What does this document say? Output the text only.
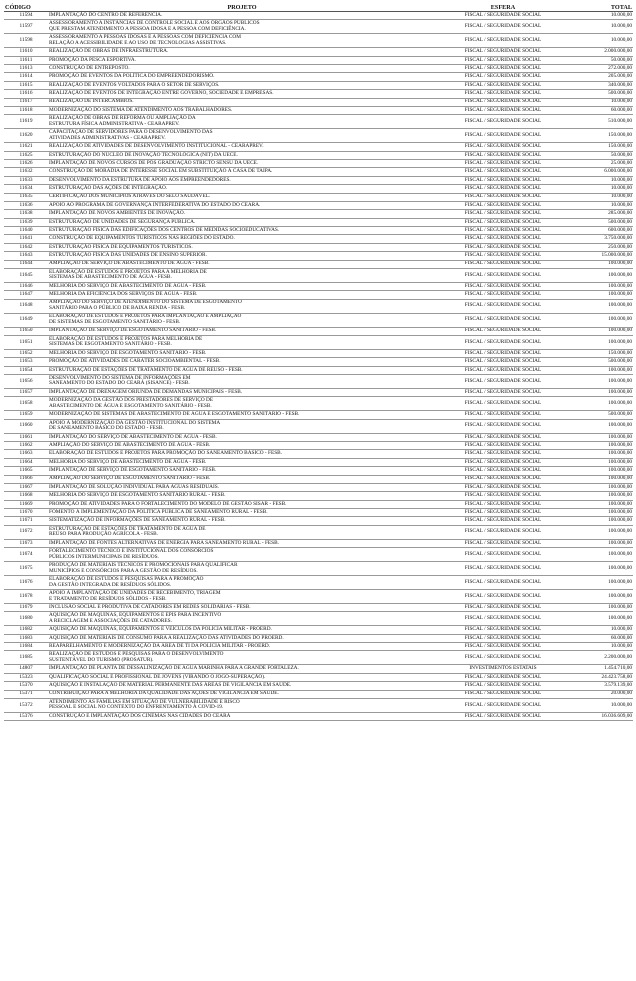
CÓDIGO	PROJETO	ESFERA	TOTAL
11594	IMPLANTAÇÃO DO CENTRO DE REFERÊNCIA.	FISCAL / SEGURIDADE SOCIAL	10.000,00
11597	ASSESSORAMENTO A INSTÂNCIAS DE CONTROLE SOCIAL E AOS ÓRGÃOS PÚBLICOS
QUE PRESTAM ATENDIMENTO A PESSOA IDOSA E A PESSOA COM DEFICIÊNCIA.	FISCAL / SEGURIDADE SOCIAL	10.000,00
11598	ASSESSORAMENTO A PESSOAS IDOSAS E A PESSOAS COM DEFICIÊNCIA COM
RELAÇÃO A ACESSIBILIDADE E AO USO DE TECNOLOGIAS ASSISTIVAS.	FISCAL / SEGURIDADE SOCIAL	10.000,00
11610	REALIZAÇÃO DE OBRAS DE INFRAESTRUTURA.	FISCAL / SEGURIDADE SOCIAL	2.000.000,00
11611	PROMOÇÃO DA PESCA ESPORTIVA.	FISCAL / SEGURIDADE SOCIAL	50.000,00
11613	CONSTRUÇÃO DE ENTREPOSTO.	FISCAL / SEGURIDADE SOCIAL	272.000,00
11614	PROMOÇÃO DE EVENTOS DA POLÍTICA DO EMPREENDEDORISMO.	FISCAL / SEGURIDADE SOCIAL	205.000,00
11615	REALIZAÇÃO DE EVENTOS VOLTADOS PARA O SETOR DE SERVIÇOS.	FISCAL / SEGURIDADE SOCIAL	340.000,00
11616	REALIZAÇÃO DE EVENTOS DE INTEGRAÇÃO ENTRE GOVERNO, SOCIEDADE E EMPRESAS.	FISCAL / SEGURIDADE SOCIAL	500.000,00
11617	REALIZAÇÃO DE INTERCÂMBIOS.	FISCAL / SEGURIDADE SOCIAL	10.000,00
11618	MODERNIZAÇÃO DO SISTEMA DE ATENDIMENTO AOS TRABALHADORES.	FISCAL / SEGURIDADE SOCIAL	60.000,00
11619	REALIZAÇÃO DE OBRAS DE REFORMA OU AMPLIAÇÃO DA
ESTRUTURA FÍSICA ADMINISTRATIVA - CEARAPREV.	FISCAL / SEGURIDADE SOCIAL	510.000,00
11620	CAPACITAÇÃO DE SERVIDORES PARA O DESENVOLVIMENTO DAS
ATIVIDADES ADMINISTRATIVAS - CEARAPREV.	FISCAL / SEGURIDADE SOCIAL	150.000,00
11621	REALIZAÇÃO DE ATIVIDADES DE DESENVOLVIMENTO INSTITUCIONAL - CEARAPREV.	FISCAL / SEGURIDADE SOCIAL	150.000,00
11625	ESTRUTURAÇÃO DO NÚCLEO DE INOVAÇÃO TECNOLÓGICA (NIT) DA UECE.	FISCAL / SEGURIDADE SOCIAL	50.000,00
11626	IMPLANTAÇÃO DE NOVOS CURSOS DE PÓS GRADUAÇÃO STRICTO SENSU DA UECE.	FISCAL / SEGURIDADE SOCIAL	25.000,00
11632	CONSTRUÇÃO DE MORADIA DE INTERESSE SOCIAL EM SUBSTITUIÇÃO À CASA DE TAIPA.	FISCAL / SEGURIDADE SOCIAL	6.000.000,00
11633	DESENVOLVIMENTO DA ESTRUTURA DE APOIO AOS EMPREENDEDORES.	FISCAL / SEGURIDADE SOCIAL	10.000,00
11634	ESTRUTURAÇÃO DAS AÇÕES DE INTEGRAÇÃO.	FISCAL / SEGURIDADE SOCIAL	10.000,00
11635	CERTIFICAÇÃO DOS MUNICÍPIOS ATRAVÉS DO SELO SAUDÁVEL.	FISCAL / SEGURIDADE SOCIAL	10.000,00
11636	APOIO AO PROGRAMA DE GOVERNANÇA INTERFEDERATIVA DO ESTADO DO CEARÁ.	FISCAL / SEGURIDADE SOCIAL	10.000,00
11638	IMPLANTAÇÃO DE NOVOS AMBIENTES DE INOVAÇÃO.	FISCAL / SEGURIDADE SOCIAL	285.000,00
11639	ESTRUTURAÇÃO DE UNIDADES DE SEGURANÇA PÚBLICA.	FISCAL / SEGURIDADE SOCIAL	500.000,00
11640	ESTRUTURAÇÃO FÍSICA DAS EDIFICAÇÕES DOS CENTROS DE MEDIDAS SOCIOEDUCATIVAS.	FISCAL / SEGURIDADE SOCIAL	600.000,00
11641	CONSTRUÇÃO DE EQUIPAMENTOS TURÍSTICOS NAS REGIÕES DO ESTADO.	FISCAL / SEGURIDADE SOCIAL	3.750.000,00
11642	ESTRUTURAÇÃO FÍSICA DE EQUIPAMENTOS TURÍSTICOS.	FISCAL / SEGURIDADE SOCIAL	250.000,00
11643	ESTRUTURAÇÃO FÍSICA DAS UNIDADES DE ENSINO SUPERIOR.	FISCAL / SEGURIDADE SOCIAL	15.000.000,00
11644	AMPLIAÇÃO DE SERVIÇO DE ABASTECIMENTO DE ÁGUA - FESB.	FISCAL / SEGURIDADE SOCIAL	100.000,00
11645	ELABORAÇÃO DE ESTUDOS E PROJETOS PARA A MELHORIA DE
SISTEMAS DE ABASTECIMENTO DE ÁGUA - FESB.	FISCAL / SEGURIDADE SOCIAL	100.000,00
11646	MELHORIA DO SERVIÇO DE ABASTECIMENTO DE ÁGUA - FESB.	FISCAL / SEGURIDADE SOCIAL	100.000,00
11647	MELHORIA DA EFICIÊNCIA DOS SERVIÇOS DE ÁGUA - FESB.	FISCAL / SEGURIDADE SOCIAL	100.000,00
11648	AMPLIAÇÃO DO SERVIÇO DE ATENDIMENTO DO SISTEMA DE ESGOTAMENTO
SANITÁRIO PARA O PÚBLICO DE BAIXA RENDA - FESB.	FISCAL / SEGURIDADE SOCIAL	100.000,00
11649	ELABORAÇÃO DE ESTUDOS E PROJETOS PARA IMPLANTAÇÃO E AMPLIAÇÃO
DE SISTEMAS DE ESGOTAMENTO SANITÁRIO - FESB.	FISCAL / SEGURIDADE SOCIAL	100.000,00
11650	IMPLANTAÇÃO DE SERVIÇO DE ESGOTAMENTO SANITÁRIO - FESB.	FISCAL / SEGURIDADE SOCIAL	100.000,00
11651	ELABORAÇÃO DE ESTUDOS E PROJETOS PARA MELHORIA DE
SISTEMAS DE ESGOTAMENTO SANITÁRIO - FESB.	FISCAL / SEGURIDADE SOCIAL	100.000,00
11652	MELHORIA DO SERVIÇO DE ESGOTAMENTO SANITÁRIO - FESB.	FISCAL / SEGURIDADE SOCIAL	150.000,00
11653	PROMOÇÃO DE ATIVIDADES DE CARÁTER SOCIOAMBIENTAL - FESB.	FISCAL / SEGURIDADE SOCIAL	500.000,00
11654	ESTRUTURAÇÃO DE ESTAÇÕES DE TRATAMENTO DE ÁGUA DE REUSO - FESB.	FISCAL / SEGURIDADE SOCIAL	100.000,00
11656	DESENVOLVIMENTO DO SISTEMA DE INFORMAÇÕES EM
SANEAMENTO DO ESTADO DO CEARÁ (SISANCE) - FESB.	FISCAL / SEGURIDADE SOCIAL	100.000,00
11657	IMPLANTAÇÃO DE DRENAGEM ORIUNDA DE DEMANDAS MUNICIPAIS - FESB.	FISCAL / SEGURIDADE SOCIAL	100.000,00
11658	MODERNIZAÇÃO DA GESTÃO DOS PRESTADORES DE SERVIÇO DE
ABASTECIMENTO DE ÁGUA E ESGOTAMENTO SANITÁRIO - FESB.	FISCAL / SEGURIDADE SOCIAL	100.000,00
11659	MODERNIZAÇÃO DE SISTEMAS DE ABASTECIMENTO DE ÁGUA E ESGOTAMENTO SANITÁRIO - FESB.	FISCAL / SEGURIDADE SOCIAL	500.000,00
11660	APOIO À MODERNIZAÇÃO DA GESTÃO INSTITUCIONAL DO SISTEMA
DE SANEAMENTO BÁSICO DO ESTADO - FESB.	FISCAL / SEGURIDADE SOCIAL	100.000,00
11661	IMPLANTAÇÃO DO SERVIÇO DE ABASTECIMENTO DE ÁGUA - FESB.	FISCAL / SEGURIDADE SOCIAL	100.000,00
11662	AMPLIAÇÃO DO SERVIÇO DE ABASTECIMENTO DE ÁGUA - FESB.	FISCAL / SEGURIDADE SOCIAL	100.000,00
11663	ELABORAÇÃO DE ESTUDOS E PROJETOS PARA PROMOÇÃO DO SANEAMENTO BÁSICO - FESB.	FISCAL / SEGURIDADE SOCIAL	100.000,00
11664	MELHORIA DO SERVIÇO DE ABASTECIMENTO DE ÁGUA - FESB.	FISCAL / SEGURIDADE SOCIAL	100.000,00
11665	IMPLANTAÇÃO DE SERVIÇO DE ESGOTAMENTO SANITÁRIO - FESB.	FISCAL / SEGURIDADE SOCIAL	100.000,00
11666	AMPLIAÇÃO DO SERVIÇO DE ESGOTAMENTO SANITÁRIO - FESB.	FISCAL / SEGURIDADE SOCIAL	100.000,00
11667	IMPLANTAÇÃO DE SOLUÇÃO INDIVIDUAL PARA ÁGUAS RESIDUAIS.	FISCAL / SEGURIDADE SOCIAL	100.000,00
11668	MELHORIA DO SERVIÇO DE ESGOTAMENTO SANITÁRIO RURAL - FESB.	FISCAL / SEGURIDADE SOCIAL	100.000,00
11669	PROMOÇÃO DE ATIVIDADES PARA O FORTALECIMENTO DO MODELO DE GESTÃO SISAR - FESB.	FISCAL / SEGURIDADE SOCIAL	100.000,00
11670	FOMENTO À IMPLEMENTAÇÃO DA POLÍTICA PÚBLICA DE SANEAMENTO RURAL - FESB.	FISCAL / SEGURIDADE SOCIAL	100.000,00
11671	SISTEMATIZAÇÃO DE INFORMAÇÕES DE SANEAMENTO RURAL - FESB.	FISCAL / SEGURIDADE SOCIAL	100.000,00
11672	ESTRUTURAÇÃO DE ESTAÇÕES DE TRATAMENTO DE ÁGUA DE
REÚSO PARA PRODUÇÃO AGRÍCOLA - FESB.	FISCAL / SEGURIDADE SOCIAL	100.000,00
11673	IMPLANTAÇÃO DE FONTES ALTERNATIVAS DE ENERGIA PARA SANEAMENTO RURAL - FESB.	FISCAL / SEGURIDADE SOCIAL	100.000,00
11674	FORTALECIMENTO TÉCNICO E INSTITUCIONAL DOS CONSÓRCIOS
PÚBLICOS INTERMUNICIPAIS DE RESÍDUOS.	FISCAL / SEGURIDADE SOCIAL	100.000,00
11675	PRODUÇÃO DE MATERIAIS TÉCNICOS E PROMOCIONAIS PARA QUALIFICAR
MUNICÍPIOS E CONSÓRCIOS PARA A GESTÃO DE RESÍDUOS.	FISCAL / SEGURIDADE SOCIAL	100.000,00
11676	ELABORAÇÃO DE ESTUDOS E PESQUISAS PARA A PROMOÇÃO
DA GESTÃO INTEGRADA DE RESÍDUOS SÓLIDOS.	FISCAL / SEGURIDADE SOCIAL	100.000,00
11678	APOIO À IMPLANTAÇÃO DE UNIDADES DE RECEBIMENTO, TRIAGEM
E TRATAMENTO DE RESÍDUOS SÓLIDOS - FESB.	FISCAL / SEGURIDADE SOCIAL	100.000,00
11679	INCLUSÃO SOCIAL E PRODUTIVA DE CATADORES EM REDES SOLIDÁRIAS - FESB.	FISCAL / SEGURIDADE SOCIAL	100.000,00
11680	AQUISIÇÃO DE MÁQUINAS, EQUIPAMENTOS E EPIS PARA INCENTIVO
A RECICLAGEM E ASSOCIAÇÕES DE CATADORES.	FISCAL / SEGURIDADE SOCIAL	100.000,00
11682	AQUISIÇÃO DE MÁQUINAS, EQUIPAMENTOS E VEÍCULOS DA POLÍCIA MILITAR - PROERD.	FISCAL / SEGURIDADE SOCIAL	10.000,00
11683	AQUISIÇÃO DE MATERIAIS DE CONSUMO PARA A REALIZAÇÃO DAS ATIVIDADES DO PROERD.	FISCAL / SEGURIDADE SOCIAL	60.000,00
11684	REAPARELHAMENTO E MODERNIZAÇÃO DA ÁREA DE TI DA POLÍCIA MILITAR - PROERD.	FISCAL / SEGURIDADE SOCIAL	10.000,00
11685	REALIZAÇÃO DE ESTUDOS E PESQUISAS PARA O DESENVOLVIMENTO
SUSTENTÁVEL DO TURISMO (PROSATUR).	FISCAL / SEGURIDADE SOCIAL	2.200.000,00
14807	IMPLANTAÇÃO DE PLANTA DE DESSALINIZAÇÃO DE ÁGUA MARINHA PARA A GRANDE FORTALEZA.	INVESTIMENTOS ESTATAIS	1.454.710,00
15323	QUALIFICAÇÃO SOCIAL E PROFISSIONAL DE JOVENS (VIRANDO O JOGO-SUPERAÇÃO).	FISCAL / SEGURIDADE SOCIAL	24.423.758,00
15370	AQUISIÇÃO E INSTALAÇÃO DE MATERIAL PERMANENTE DAS ÁREAS DE VIGILÂNCIA EM SAÚDE.	FISCAL / SEGURIDADE SOCIAL	3.579.139,00
15371	CONTRIBUIÇÃO PARA A MELHORIA DA QUALIDADE DAS AÇÕES DE VIGILÂNCIA EM SAÚDE.	FISCAL / SEGURIDADE SOCIAL	20.000,00
15372	ATENDIMENTO ÀS FAMÍLIAS EM SITUAÇÃO DE VULNERABILIDADE E RISCO
PESSOAL E SOCIAL NO CONTEXTO DO ENFRENTAMENTO À COVID-19.	FISCAL / SEGURIDADE SOCIAL	10.000,00
15376	CONSTRUÇÃO E IMPLANTAÇÃO DOS CINEMAS NAS CIDADES DO CEARÁ	FISCAL / SEGURIDADE SOCIAL	16.036.609,00
